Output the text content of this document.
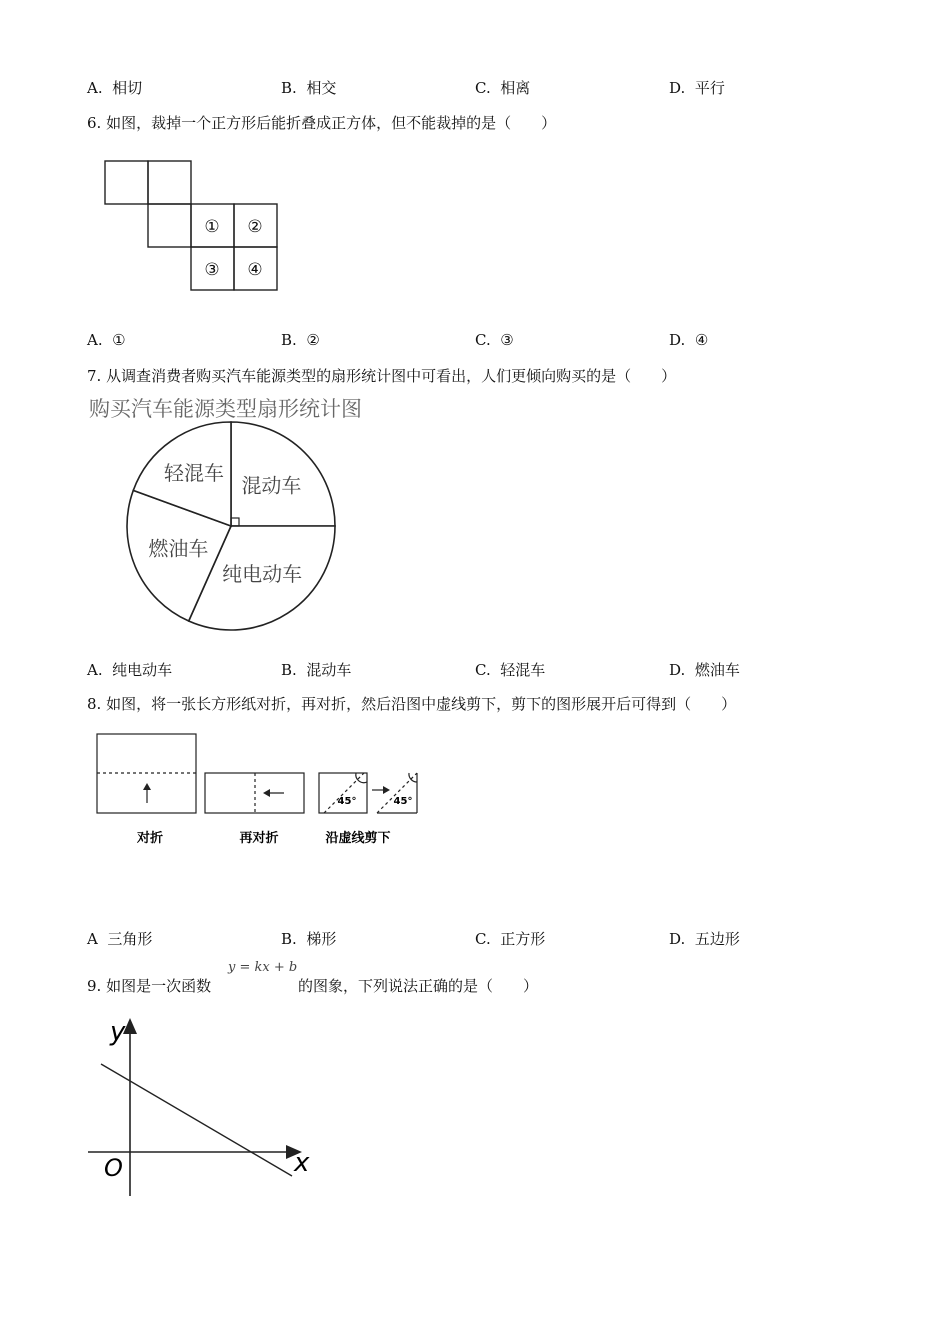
A. 相切	B. 相交	C. 相离	D. 平行
6. 如图，裁掉一个正方形后能折叠成正方体，但不能裁掉的是（　　）
① ②
③ ④
A. ①	B. ②	C. ③	D. ④
7. 从调查消费者购买汽车能源类型的扇形统计图中可看出，人们更倾向购买的是（　　）
购买汽车能源类型扇形统计图
混动车
纯电动车
燃油车
轻混车
A. 纯电动车	B. 混动车	C. 轻混车	D. 燃油车
8. 如图，将一张长方形纸对折，再对折，然后沿图中虚线剪下，剪下的图形展开后可得到（　　）
45°	45°
对折	再对折	沿虚线剪下
A 三角形	B. 梯形	C. 正方形	D. 五边形
9. 如图是一次函数
y = kx + b
的图象，下列说法正确的是（　　）
y
x
O
